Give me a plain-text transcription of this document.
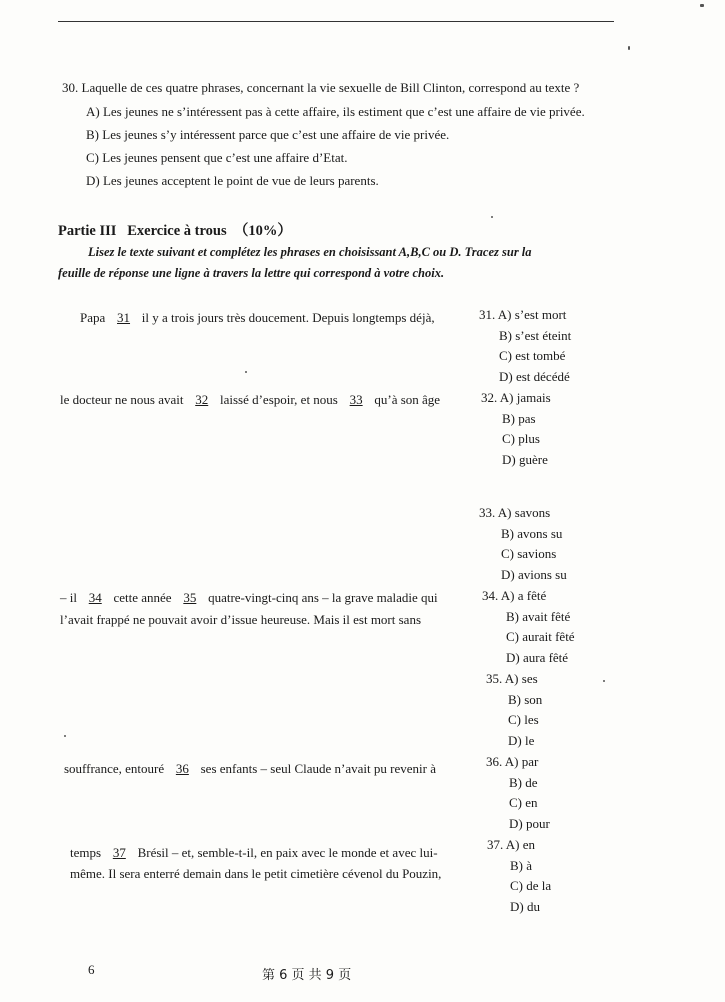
30. Laquelle de ces quatre phrases, concernant la vie sexuelle de Bill Clinton, correspond au texte ?
A) Les jeunes ne s’intéressent pas à cette affaire, ils estiment que c’est une affaire de vie privée.
B) Les jeunes s’y intéressent parce que c’est une affaire de vie privée.
C) Les jeunes pensent que c’est une affaire d’Etat.
D) Les jeunes acceptent le point de vue de leurs parents.
Partie III Exercice à trous （10%）
Lisez le texte suivant et complétez les phrases en choisissant A,B,C ou D. Tracez sur la
feuille de réponse une ligne à travers la lettre qui correspond à votre choix.
Papa 31 il y a trois jours très doucement. Depuis longtemps déjà,
le docteur ne nous avait 32 laissé d’espoir, et nous 33 qu’à son âge
– il 34 cette année 35 quatre-vingt-cinq ans – la grave maladie qui
l’avait frappé ne pouvait avoir d’issue heureuse. Mais il est mort sans
souffrance, entouré 36 ses enfants – seul Claude n’avait pu revenir à
temps 37 Brésil – et, semble-t-il, en paix avec le monde et avec lui-
même. Il sera enterré demain dans le petit cimetière cévenol du Pouzin,
31. A) s’est mort
B) s’est éteint
C) est tombé
D) est décédé
32. A) jamais
B) pas
C) plus
D) guère
33. A) savons
B) avons su
C) savions
D) avions su
34. A) a fêté
B) avait fêté
C) aurait fêté
D) aura fêté
35. A) ses
B) son
C) les
D) le
36. A) par
B) de
C) en
D) pour
37. A) en
B) à
C) de la
D) du
6	第 6 页 共 9 页
